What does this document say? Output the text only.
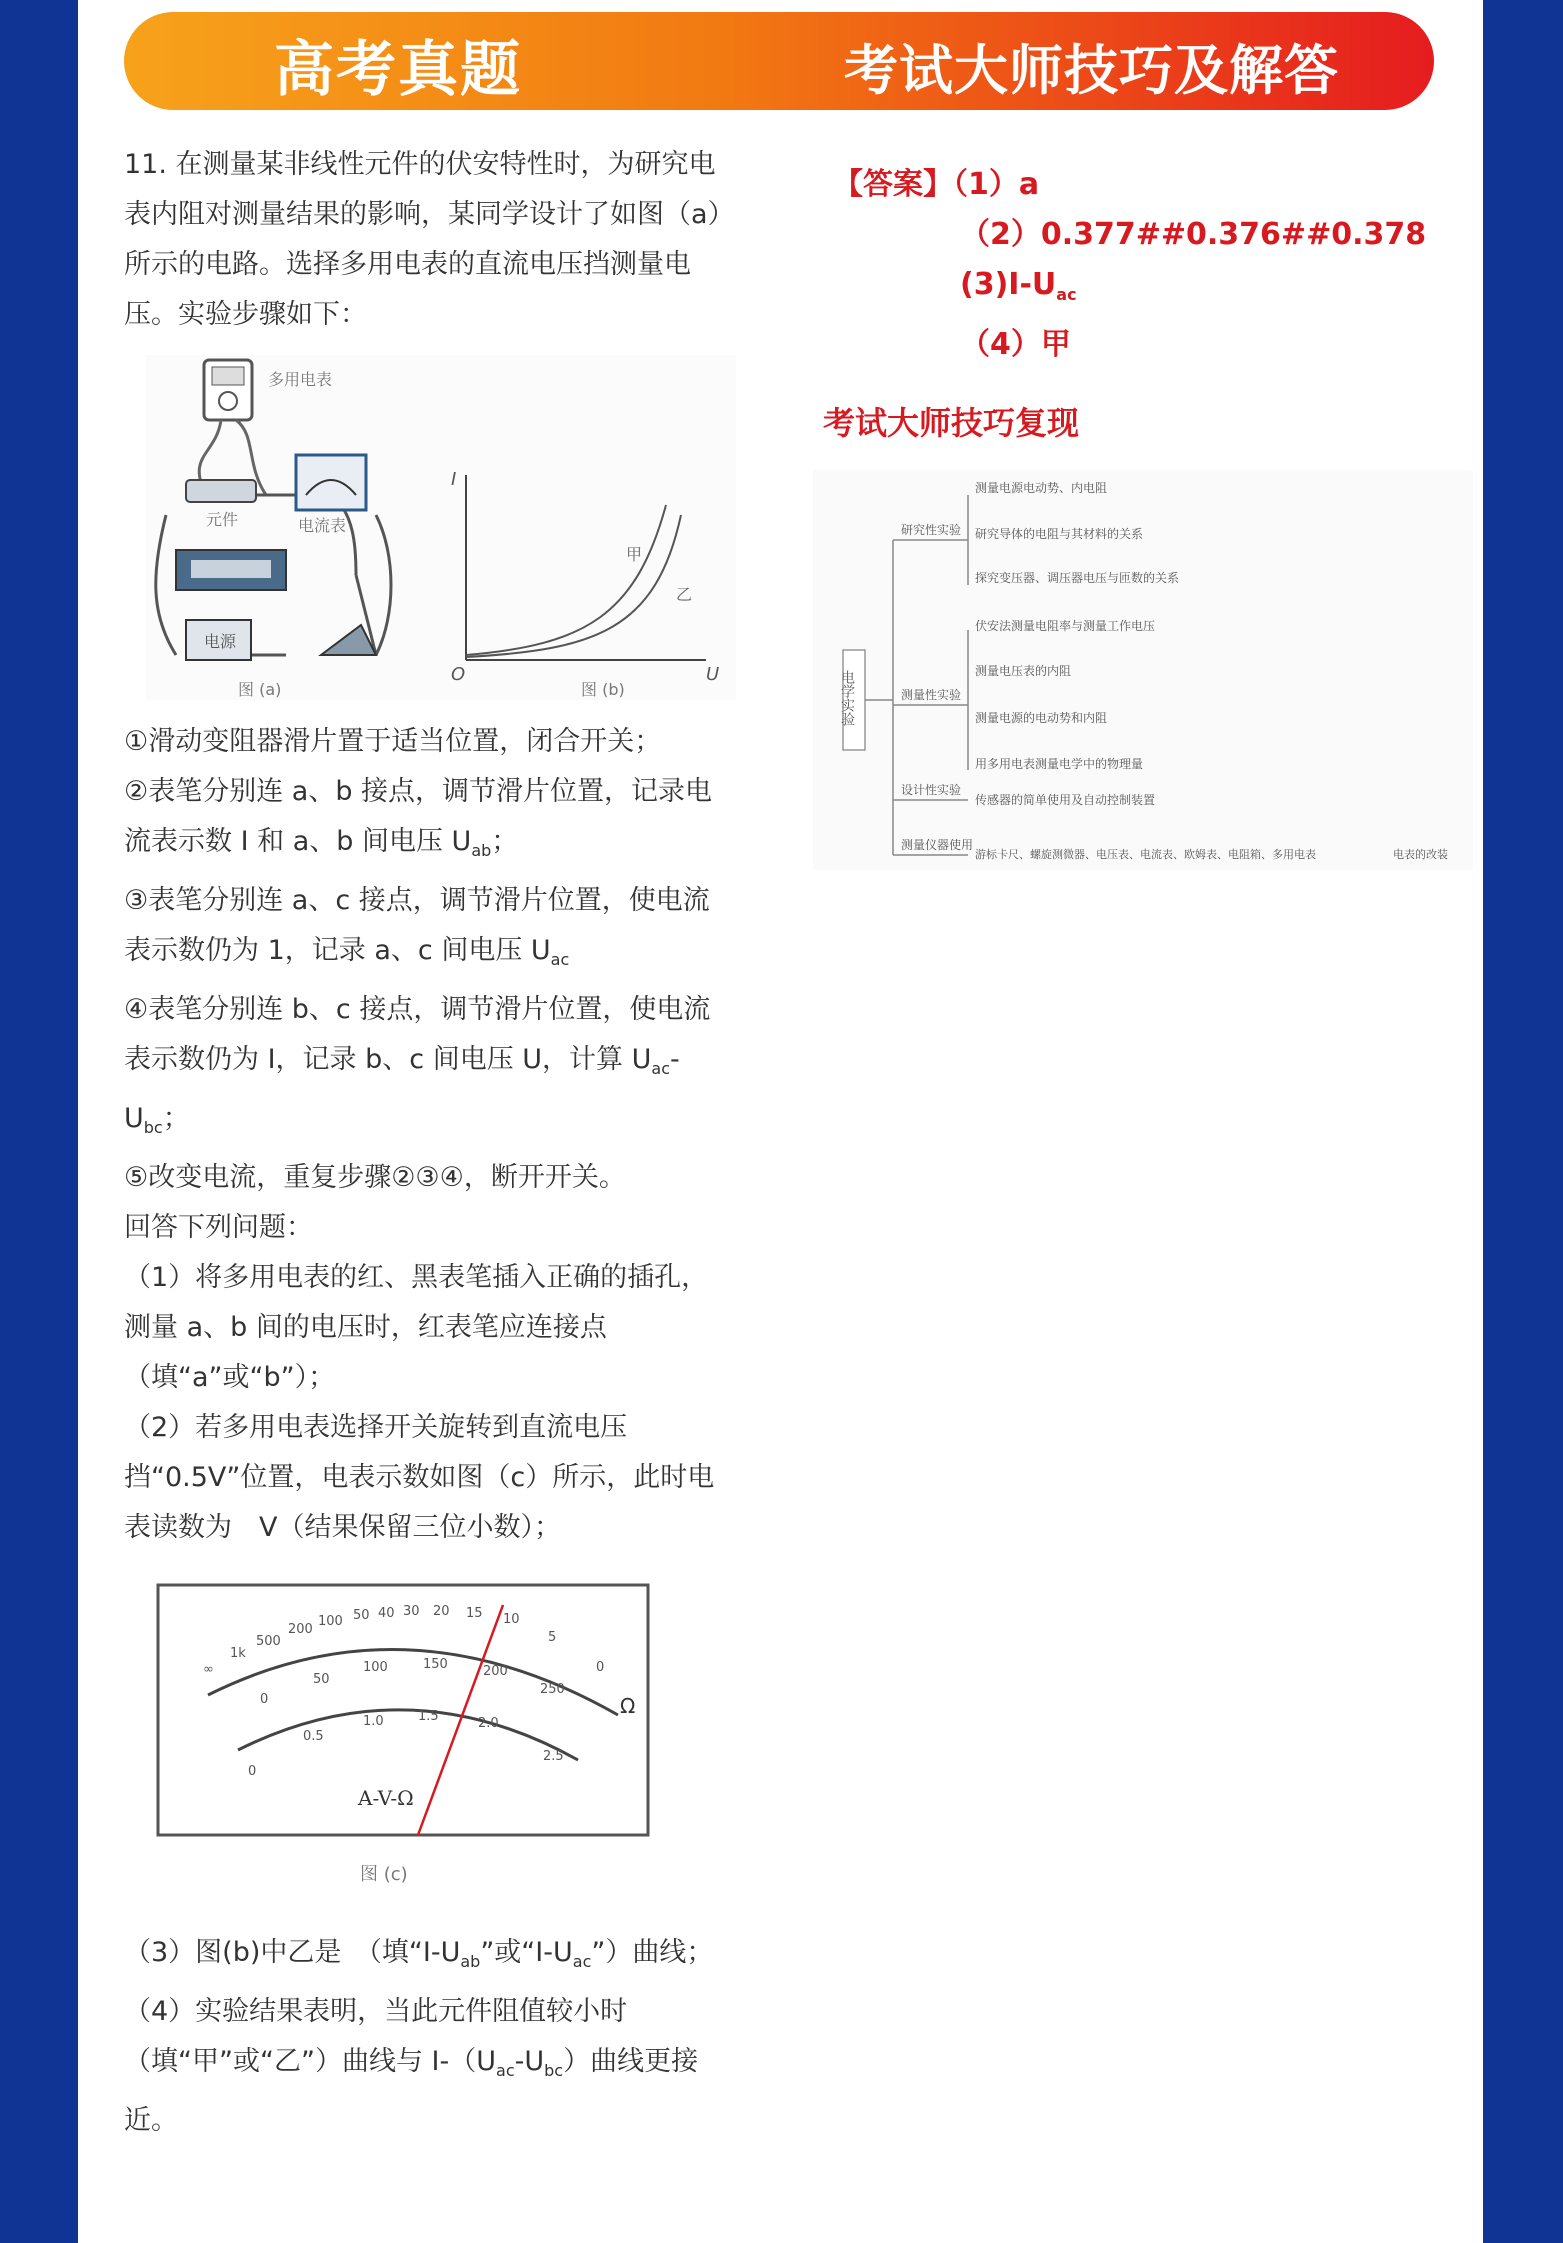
高考真题	考试大师技巧及解答

11. 在测量某非线性元件的伏安特性时，为研究电表内阻对测量结果的影响，某同学设计了如图（a）所示的电路。选择多用电表的直流电压挡测量电压。实验步骤如下：

多用电表
元件	电流表
电源
图 (a)
I
U
O
甲
乙
图 (b)

①滑动变阻器滑片置于适当位置，闭合开关；

②表笔分别连 a、b 接点，调节滑片位置，记录电流表示数 I 和 a、b 间电压 $U_{ab}$；

③表笔分别连 a、c 接点，调节滑片位置，使电流表示数仍为 1，记录 a、c 间电压 $U_{ac}$

④表笔分别连 b、c 接点，调节滑片位置，使电流表示数仍为 I，记录 b、c 间电压 U，计算 $U_{ac}-U_{bc}$；

⑤改变电流，重复步骤②③④，断开开关。

回答下列问题：

（1）将多用电表的红、黑表笔插入正确的插孔，测量 a、b 间的电压时，红表笔应连接点　（填“a”或“b”）；

（2）若多用电表选择开关旋转到直流电压挡“0.5V”位置，电表示数如图（c）所示，此时电表读数为　V（结果保留三位小数）；

∞
1k
500
200
100 50 40 30 20 15 10
5
0
0
50
100	150	200
250
0
0.5
1.0	1.5	2.0
2.5
A-V-Ω
Ω
图 (c)

（3）图(b)中乙是　（填“$I-U_{ab}$”或“$I-U_{ac}$”）曲线；

（4）实验结果表明，当此元件阻值较小时（填“甲”或“乙”）曲线与 $I-(U_{ac}-U_{bc})$曲线更接近。

【答案】（1）a
（2）0.377##0.376##0.378
$(3)I-U_{ac}$
（4）甲
考试大师技巧复现
电学实验
研究性实验
测量电源电动势、内电阻
研究导体的电阻与其材料的关系
探究变压器、调压器电压与匝数的关系
测量性实验
伏安法测量电阻率与测量工作电压
测量电压表的内阻
测量电源的电动势和内阻
用多用电表测量电学中的物理量
设计性实验
传感器的简单使用及自动控制装置
测量仪器使用
游标卡尺、螺旋测微器、电压表、电流表、欧姆表、电阻箱、多用电表	电表的改装
